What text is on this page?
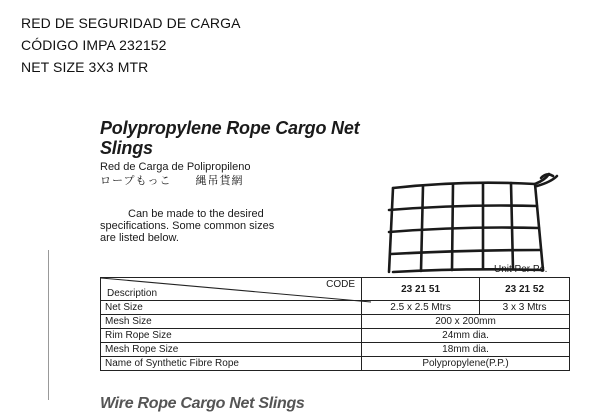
RED DE SEGURIDAD DE CARGA
CÓDIGO IMPA 232152
NET SIZE 3X3 MTR
Polypropylene Rope Cargo Net
Slings
Red de Carga de Polipropileno
ロープもっこ　　縄吊貨網
Can be made to the desired
specifications. Some common sizes
are listed below.
Unit Per Pc.
CODE
Description	23 21 51	23 21 52
Net Size	2.5 x 2.5 Mtrs	3 x 3 Mtrs
Mesh Size	200 x 200mm	
Rim Rope Size	24mm dia.	
Mesh Rope Size	18mm dia.	
Name of Synthetic Fibre Rope	Polypropylene(P.P.)	
Wire Rope Cargo Net Slings
